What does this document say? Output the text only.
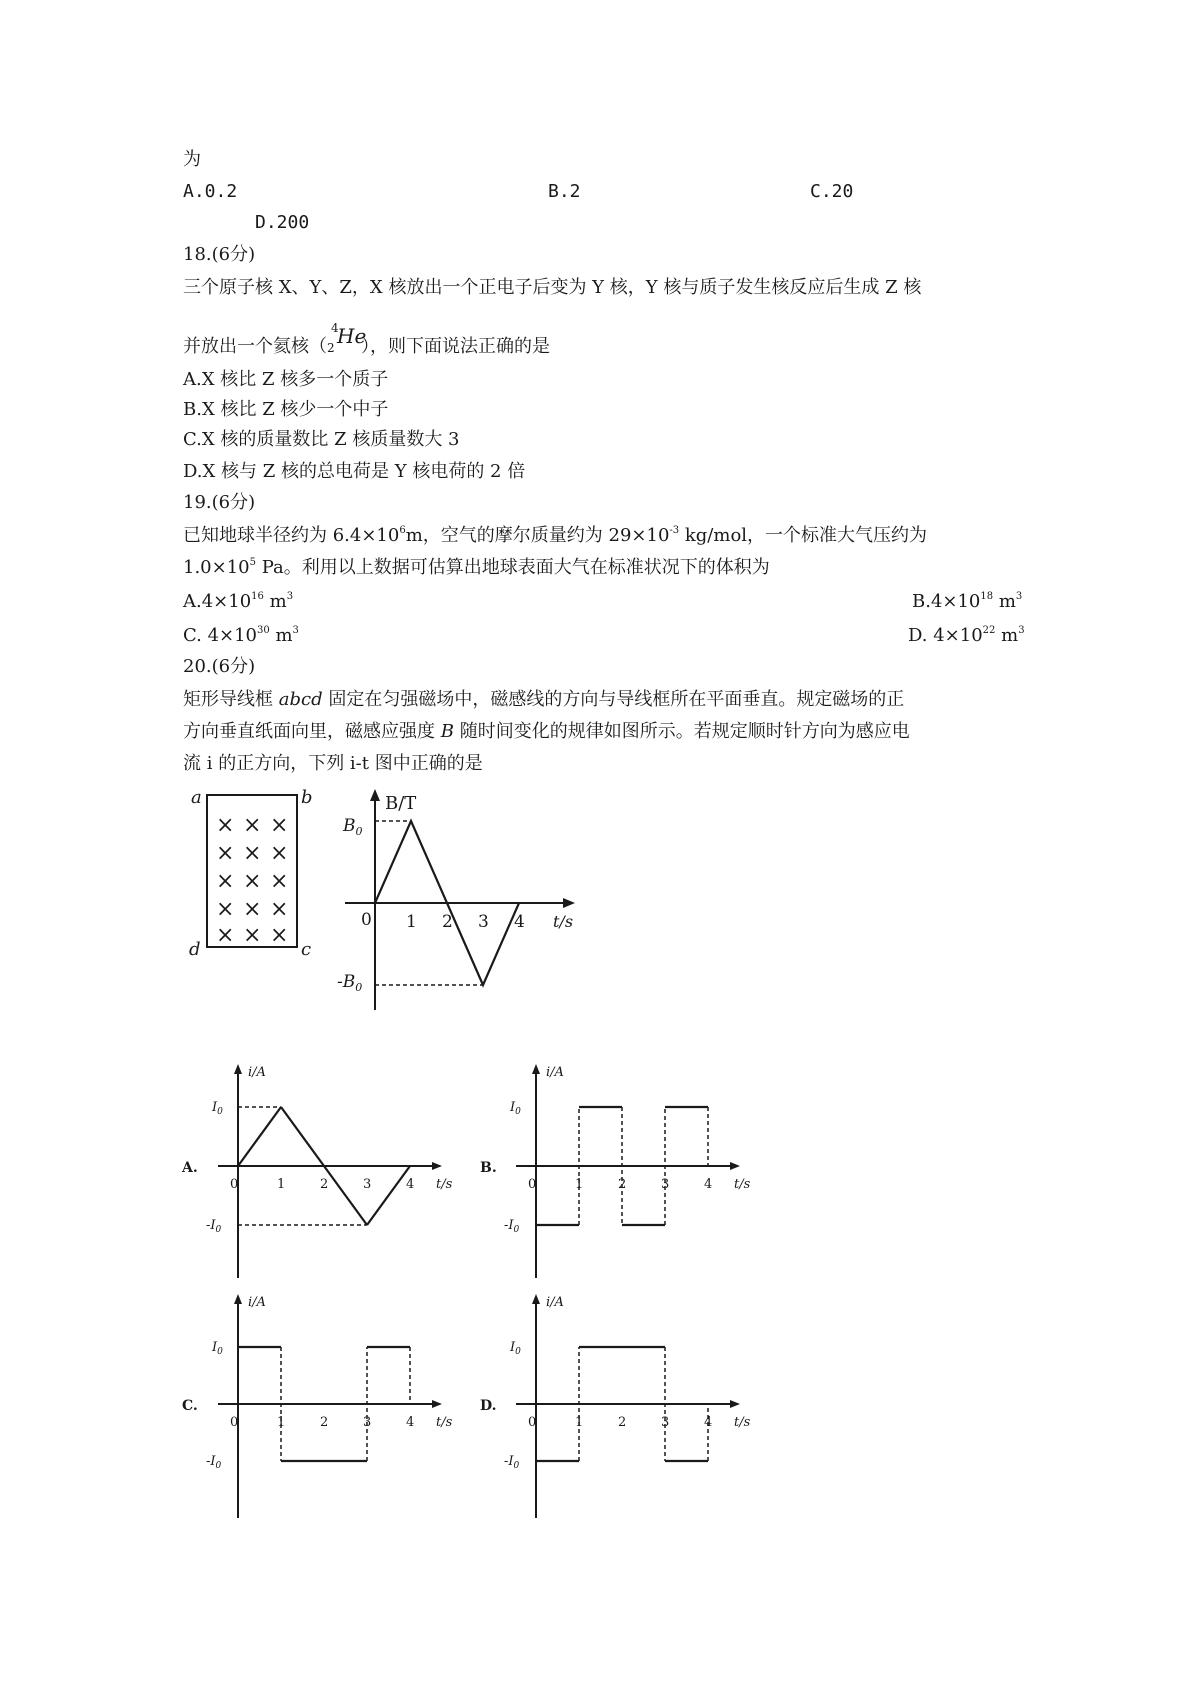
为
A.0.2	B.2	C.20
D.200
18.(6分)
三个原子核 X、Y、Z，X 核放出一个正电子后变为 Y 核，Y 核与质子发生核反应后生成 Z 核
并放出一个氦核（
4
2 He
），则下面说法正确的是
A.X 核比 Z 核多一个质子
B.X 核比 Z 核少一个中子
C.X 核的质量数比 Z 核质量数大 3
D.X 核与 Z 核的总电荷是 Y 核电荷的 2 倍
19.(6分)
已知地球半径约为 $6.4\times 10^6m$，空气的摩尔质量约为 $29\times 10^{-3}$ kg/mol，一个标准大气压约为
$1.0\times 10^5$ Pa。利用以上数据可估算出地球表面大气在标准状况下的体积为
$A.4\times 10^{16}$ $m^3$	$B.4\times 10^{18}$ $m^3$
C. $4\times 10^{30}$ $m^3$	D. $4\times 10^{22}$ $m^3$
20.(6分)
矩形导线框 abcd 固定在匀强磁场中，磁感线的方向与导线框所在平面垂直。规定磁场的正
方向垂直纸面向里，磁感应强度 B 随时间变化的规律如图所示。若规定顺时针方向为感应电
流 i 的正方向，下列 i-t 图中正确的是
a	b
c
d
× × ×
× × ×
× × ×
× × ×
× × ×
B/T
t/s
$B_0$
$-B_0$
0 1 2 3 4
i/A
t/s
A.
0	1	2	3	4
$I_0$
$-I_0$
i/A
t/s
B.
0	1	2	3	4
$I_0$
$-I_0$
i/A
t/s
C.
0	1	2	3	4
$I_0$
$-I_0$
i/A
t/s
D.
0	1	2	3	4
$I_0$
$-I_0$
